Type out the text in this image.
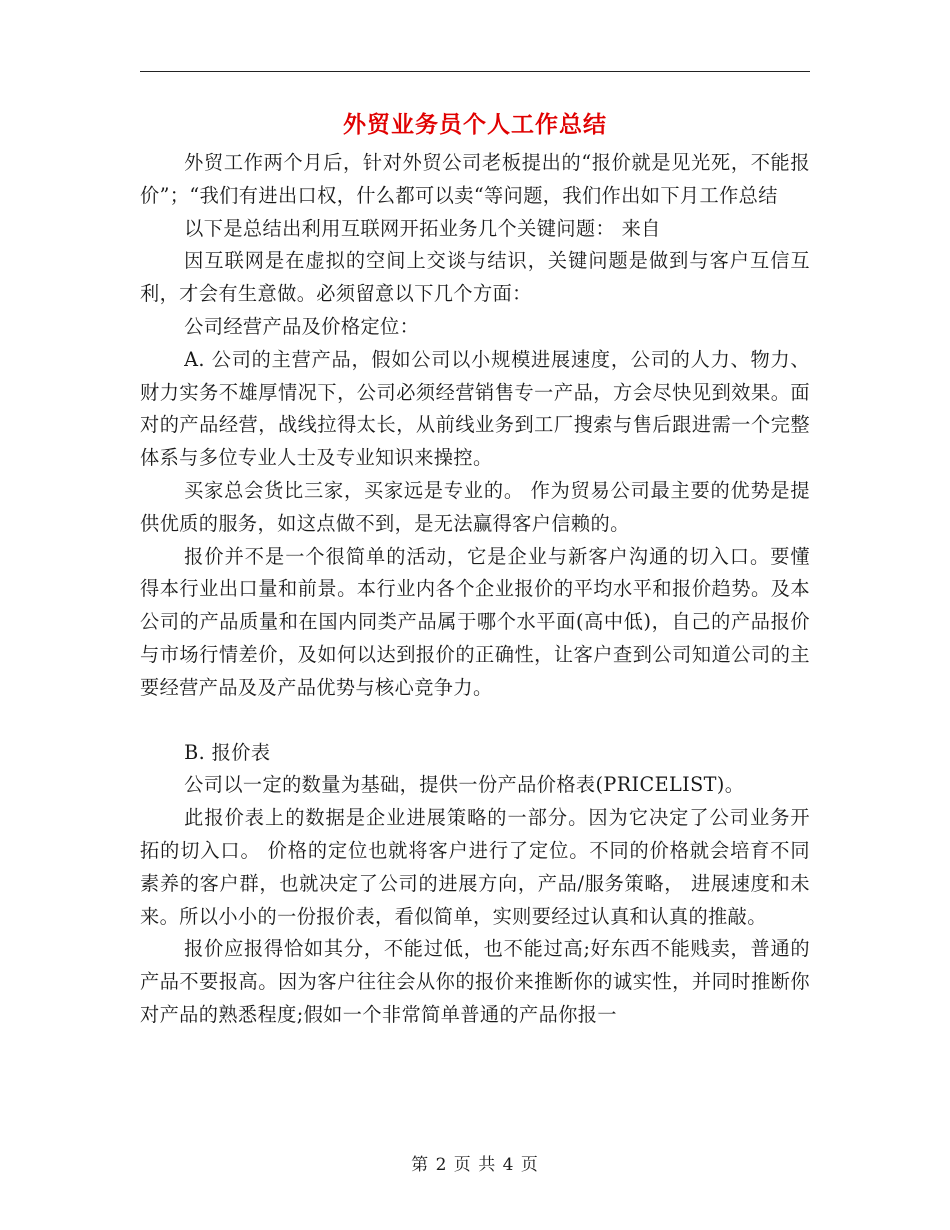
外贸业务员个人工作总结

外贸工作两个月后，针对外贸公司老板提出的“报价就是见光死，不能报价”；“我们有进出口权，什么都可以卖“等问题，我们作出如下月工作总结

以下是总结出利用互联网开拓业务几个关键问题： 来自

因互联网是在虚拟的空间上交谈与结识，关键问题是做到与客户互信互利，才会有生意做。必须留意以下几个方面：

公司经营产品及价格定位：

A. 公司的主营产品，假如公司以小规模进展速度，公司的人力、物力、财力实务不雄厚情况下，公司必须经营销售专一产品，方会尽快见到效果。面对的产品经营，战线拉得太长，从前线业务到工厂搜索与售后跟进需一个完整体系与多位专业人士及专业知识来操控。

买家总会货比三家，买家远是专业的。 作为贸易公司最主要的优势是提供优质的服务，如这点做不到，是无法赢得客户信赖的。

报价并不是一个很简单的活动，它是企业与新客户沟通的切入口。要懂得本行业出口量和前景。本行业内各个企业报价的平均水平和报价趋势。及本公司的产品质量和在国内同类产品属于哪个水平面(高中低)，自己的产品报价与市场行情差价，及如何以达到报价的正确性，让客户查到公司知道公司的主要经营产品及及产品优势与核心竞争力。

B. 报价表

公司以一定的数量为基础，提供一份产品价格表(PRICELIST)。

此报价表上的数据是企业进展策略的一部分。因为它决定了公司业务开拓的切入口。 价格的定位也就将客户进行了定位。不同的价格就会培育不同素养的客户群，也就决定了公司的进展方向，产品/服务策略， 进展速度和未来。所以小小的一份报价表，看似简单，实则要经过认真和认真的推敲。

报价应报得恰如其分，不能过低，也不能过高;好东西不能贱卖，普通的产品不要报高。因为客户往往会从你的报价来推断你的诚实性，并同时推断你对产品的熟悉程度;假如一个非常简单普通的产品你报一

第 2 页 共 4 页
